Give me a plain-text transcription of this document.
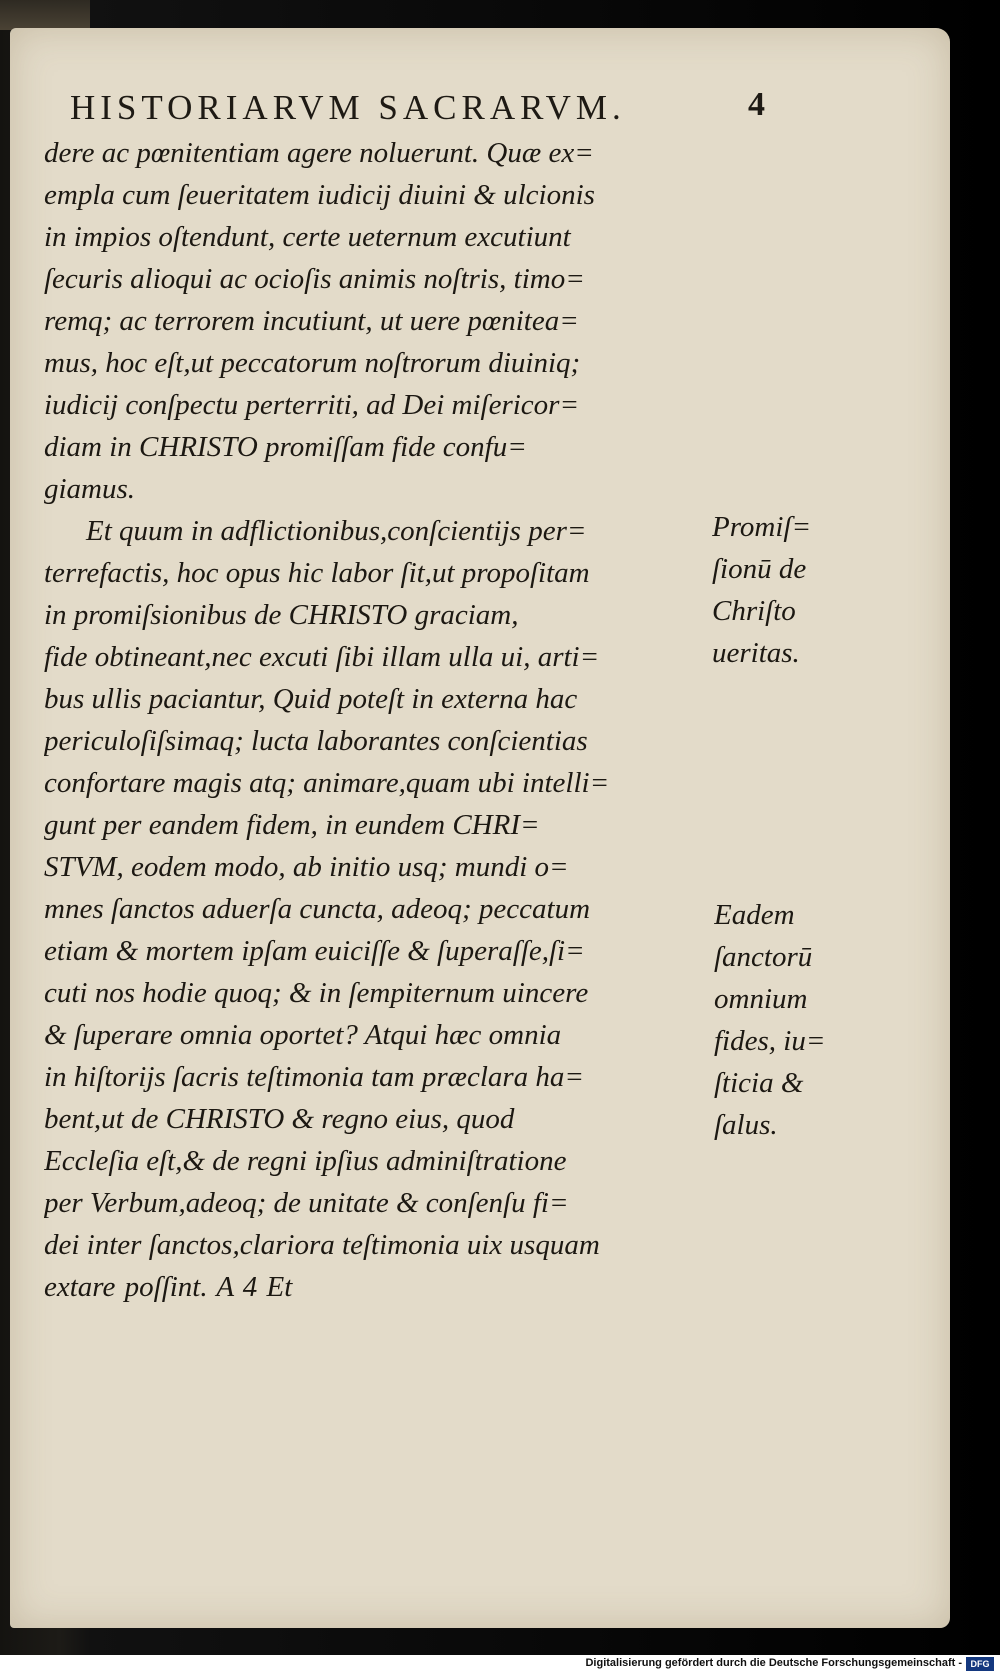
HISTORIARVM SACRARVM.	4
dere ac pœnitentiam agere noluerunt. Quæ ex=
empla cum ſeueritatem iudicij diuini & ulcionis
in impios oſtendunt, certe ueternum excutiunt
ſecuris alioqui ac ocioſis animis noſtris, timo=
remq; ac terrorem incutiunt, ut uere pœnitea=
mus, hoc eſt,ut peccatorum noſtrorum diuiniq;
iudicij conſpectu perterriti, ad Dei miſericor=
diam in CHRISTO promiſſam fide confu=
giamus.
Et quum in adflictionibus,conſcientijs per=
terrefactis, hoc opus hic labor ſit,ut propoſitam
in promiſsionibus de CHRISTO graciam,
fide obtineant,nec excuti ſibi illam ulla ui, arti=
bus ullis paciantur, Quid poteſt in externa hac
periculoſiſsimaq; lucta laborantes conſcientias
confortare magis atq; animare,quam ubi intelli=
gunt per eandem fidem, in eundem CHRI=
STVM, eodem modo, ab initio usq; mundi o=
mnes ſanctos aduerſa cuncta, adeoq; peccatum
etiam & mortem ipſam euiciſſe & ſuperaſſe,ſi=
cuti nos hodie quoq; & in ſempiternum uincere
& ſuperare omnia oportet? Atqui hæc omnia
in hiſtorijs ſacris teſtimonia tam præclara ha=
bent,ut de CHRISTO & regno eius, quod
Eccleſia eſt,& de regni ipſius adminiſtratione
per Verbum,adeoq; de unitate & conſenſu fi=
dei inter ſanctos,clariora teſtimonia uix usquam
extare poſſint. A 4 Et
Promiſ=
ſionū de
Chriſto
ueritas.
Eadem
ſanctorū
omnium
fides, iu=
ſticia &
ſalus.
Digitalisierung gefördert durch die Deutsche Forschungsgemeinschaft - DFG
